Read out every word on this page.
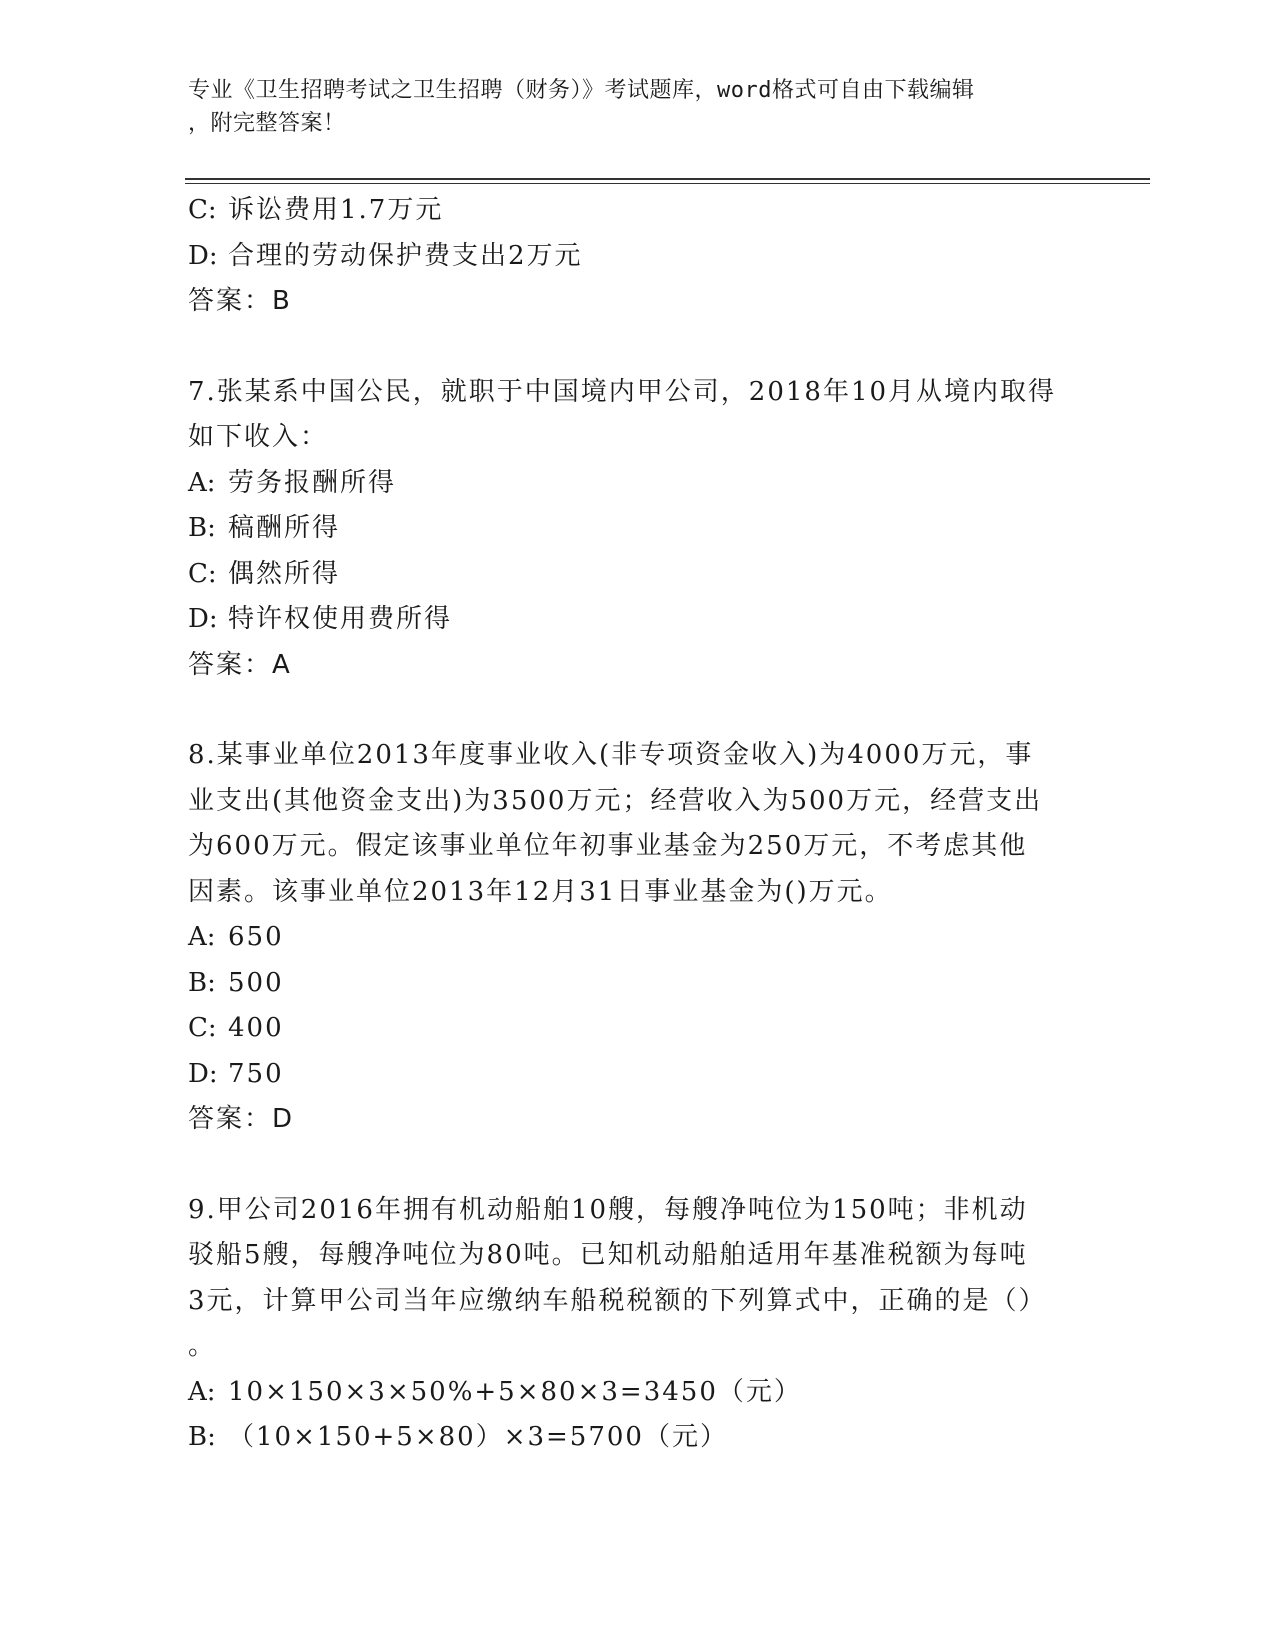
专业《卫生招聘考试之卫生招聘（财务）》考试题库，word格式可自由下载编辑
，附完整答案！
C: 诉讼费用1.7万元
D: 合理的劳动保护费支出2万元
答案：B
7.张某系中国公民，就职于中国境内甲公司，2018年10月从境内取得
如下收入：
A: 劳务报酬所得
B: 稿酬所得
C: 偶然所得
D: 特许权使用费所得
答案：A
8.某事业单位2013年度事业收入(非专项资金收入)为4000万元，事
业支出(其他资金支出)为3500万元；经营收入为500万元，经营支出
为600万元。假定该事业单位年初事业基金为250万元，不考虑其他
因素。该事业单位2013年12月31日事业基金为()万元。
A: 650
B: 500
C: 400
D: 750
答案：D
9.甲公司2016年拥有机动船舶10艘，每艘净吨位为150吨；非机动
驳船5艘，每艘净吨位为80吨。已知机动船舶适用年基准税额为每吨
3元，计算甲公司当年应缴纳车船税税额的下列算式中，正确的是（）
。
A: 10×150×3×50%+5×80×3=3450（元）
B: （10×150+5×80）×3=5700（元）
